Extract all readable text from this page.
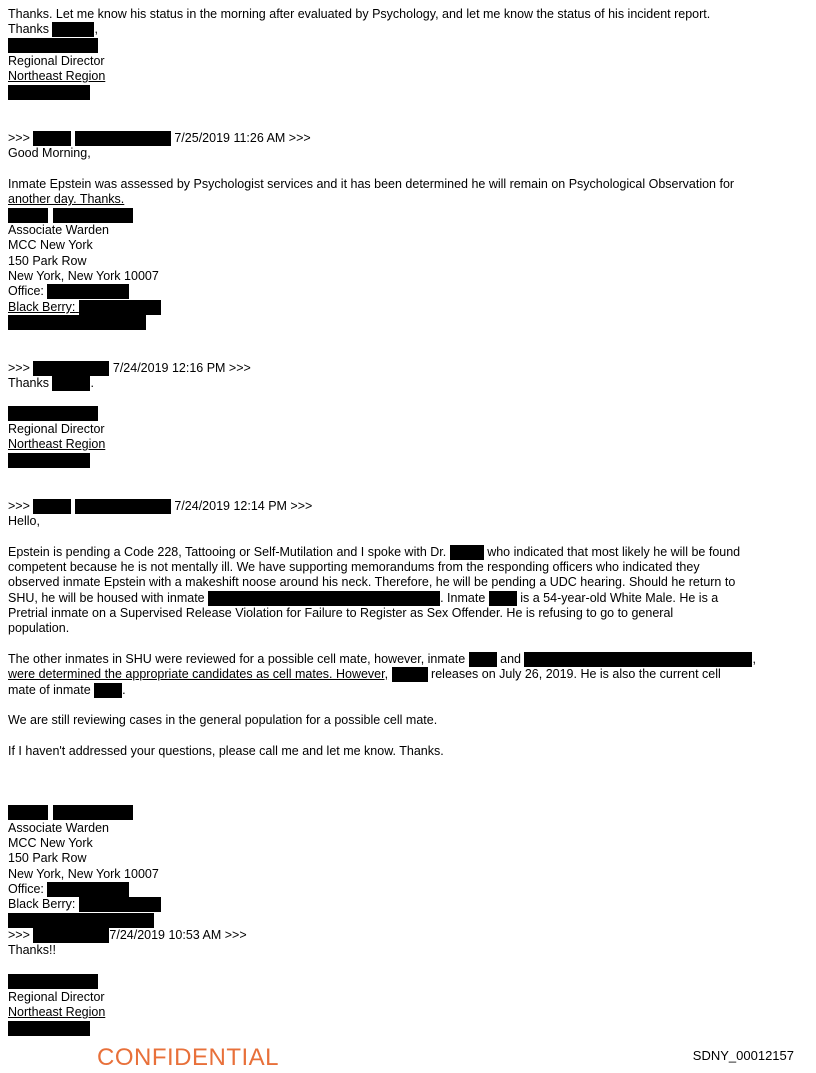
Thanks. Let me know his status in the morning after evaluated by Psychology, and let me know the status of his incident report.
Thanks	,
Regional Director
Northeast Region
>>>	7/25/2019 11:26 AM >>>
Good Morning,
Inmate Epstein was assessed by Psychologist services and it has been determined he will remain on Psychological Observation for
another day. Thanks.
Associate Warden
MCC New York
150 Park Row
New York, New York 10007
Office:
Black Berry:
>>>	7/24/2019 12:16 PM >>>
Thanks	.
Regional Director
Northeast Region
>>>	7/24/2019 12:14 PM >>>
Hello,
Epstein is pending a Code 228, Tattooing or Self-Mutilation and I spoke with Dr.	who indicated that most likely he will be found
competent because he is not mentally ill. We have supporting memorandums from the responding officers who indicated they
observed inmate Epstein with a makeshift noose around his neck. Therefore, he will be pending a UDC hearing. Should he return to
SHU, he will be housed with inmate	. Inmate	is a 54-year-old White Male. He is a
Pretrial inmate on a Supervised Release Violation for Failure to Register as Sex Offender. He is refusing to go to general
population.
The other inmates in SHU were reviewed for a possible cell mate, however, inmate	and	,
were determined the appropriate candidates as cell mates. However,	releases on July 26, 2019. He is also the current cell
mate of inmate	.
We are still reviewing cases in the general population for a possible cell mate.
If I haven't addressed your questions, please call me and let me know. Thanks.
Associate Warden
MCC New York
150 Park Row
New York, New York 10007
Office:
Black Berry:
>>>	7/24/2019 10:53 AM >>>
Thanks!!
Regional Director
Northeast Region
CONFIDENTIAL	SDNY_00012157
